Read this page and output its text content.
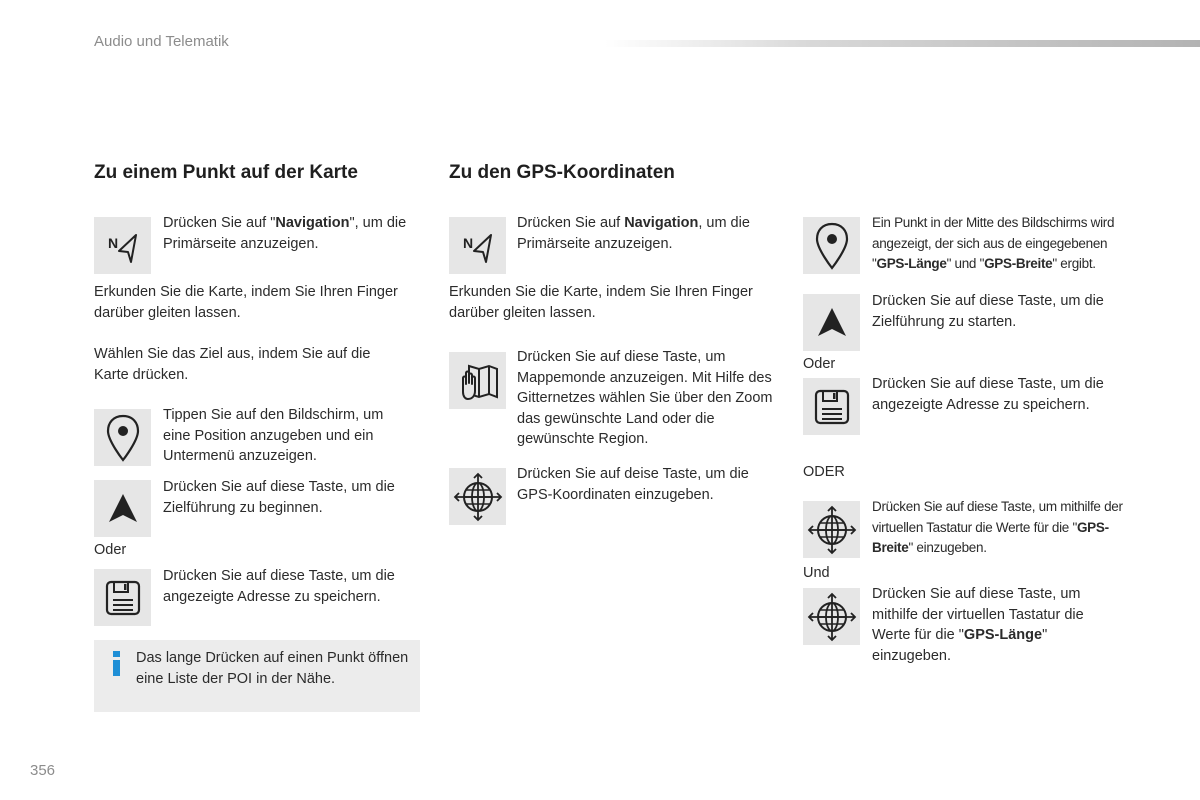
Audio und Telematik
Zu einem Punkt auf der Karte
N
Drücken Sie auf "Navigation", um die Primärseite anzuzeigen.
Erkunden Sie die Karte, indem Sie Ihren Finger darüber gleiten lassen.
Wählen Sie das Ziel aus, indem Sie auf die Karte drücken.
Tippen Sie auf den Bildschirm, um eine Position anzugeben und ein Untermenü anzuzeigen.
Drücken Sie auf diese Taste, um die Zielführung zu beginnen.
Oder
Drücken Sie auf diese Taste, um die angezeigte Adresse zu speichern.
Das lange Drücken auf einen Punkt öffnen eine Liste der POI in der Nähe.
Zu den GPS-Koordinaten
N
Drücken Sie auf Navigation, um die Primärseite anzuzeigen.
Erkunden Sie die Karte, indem Sie Ihren Finger darüber gleiten lassen.
Drücken Sie auf diese Taste, um Mappemonde anzuzeigen. Mit Hilfe des Gitternetzes wählen Sie über den Zoom das gewünschte Land oder die gewünschte Region.
Drücken Sie auf deise Taste, um die GPS-Koordinaten einzugeben.
Ein Punkt in der Mitte des Bildschirms wird angezeigt, der sich aus de eingegebenen "GPS-Länge" und "GPS-Breite" ergibt.
Drücken Sie auf diese Taste, um die Zielführung zu starten.
Oder
Drücken Sie auf diese Taste, um die angezeigte Adresse zu speichern.
ODER
Drücken Sie auf diese Taste, um mithilfe der virtuellen Tastatur die Werte für die "GPS-Breite" einzugeben.
Und
Drücken Sie auf diese Taste, um mithilfe der virtuellen Tastatur die Werte für die "GPS-Länge" einzugeben.
356
